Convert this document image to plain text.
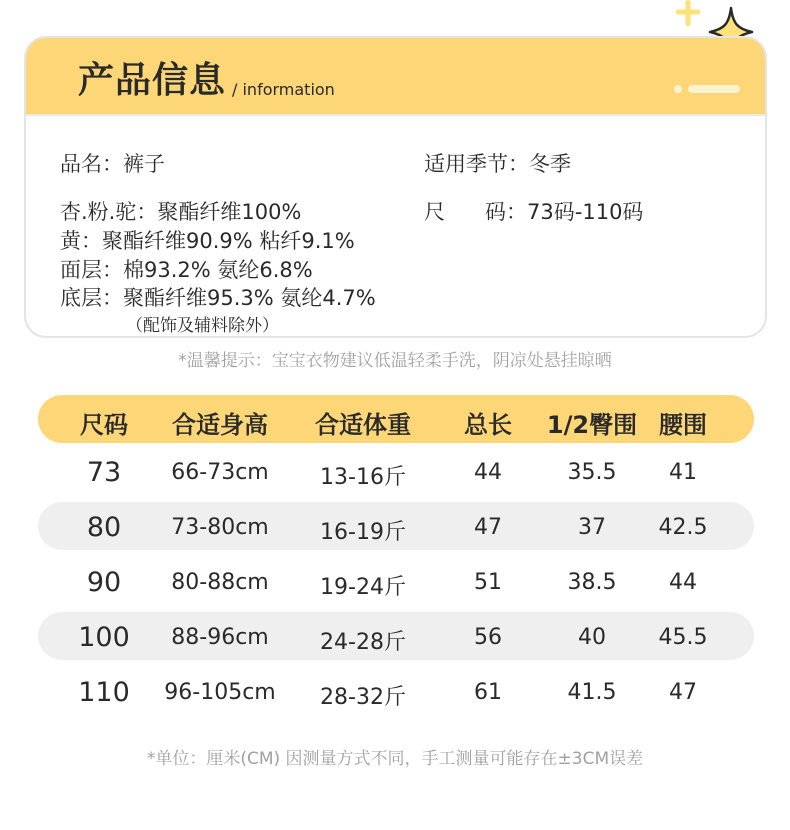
产品信息 / information
品名：裤子	适用季节：冬季
杏.粉.驼：聚酯纤维100%	尺      码：73码-110码
黄：聚酯纤维90.9% 粘纤9.1%
面层：棉93.2% 氨纶6.8%
底层：聚酯纤维95.3% 氨纶4.7%
（配饰及辅料除外）
*温馨提示：宝宝衣物建议低温轻柔手洗，阴凉处悬挂晾晒
尺码 合适身高 合适体重 总长 1/2臀围 腰围
73 66-73cm 13-16斤	44	35.5 41
80 73-80cm 16-19斤	47	37 42.5
90 80-88cm 19-24斤	51	38.5 44
100 88-96cm 24-28斤	56	40 45.5
110 96-105cm 28-32斤	61	41.5 47
*单位：厘米(CM) 因测量方式不同，手工测量可能存在±3CM误差
